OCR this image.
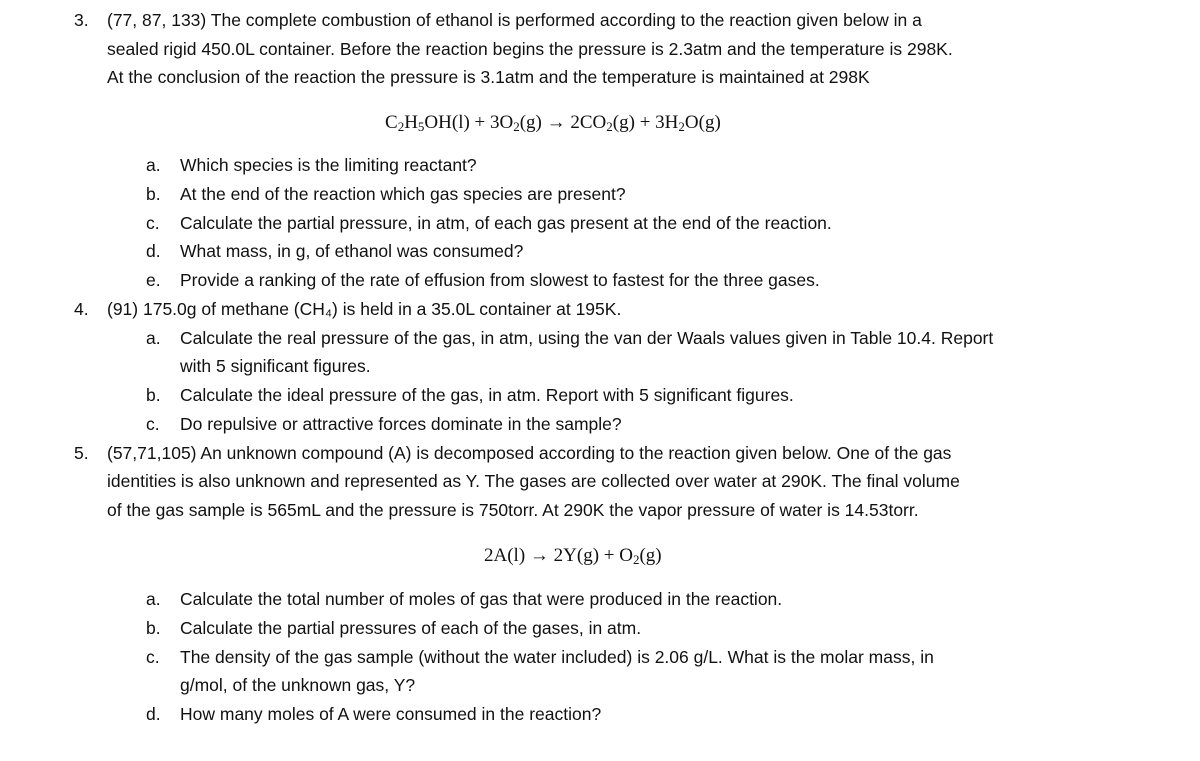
3. (77, 87, 133) The complete combustion of ethanol is performed according to the reaction given below in a
sealed rigid 450.0L container. Before the reaction begins the pressure is 2.3atm and the temperature is 298K.
At the conclusion of the reaction the pressure is 3.1atm and the temperature is maintained at 298K
$C_2H_5OH(l) + 3O_2(g) \to 2CO_2(g) + 3H_2O(g)$
a. Which species is the limiting reactant?
b. At the end of the reaction which gas species are present?
c. Calculate the partial pressure, in atm, of each gas present at the end of the reaction.
d. What mass, in g, of ethanol was consumed?
e. Provide a ranking of the rate of effusion from slowest to fastest for the three gases.
4. (91) 175.0g of methane (CH₄) is held in a 35.0L container at 195K.
a. Calculate the real pressure of the gas, in atm, using the van der Waals values given in Table 10.4. Report
with 5 significant figures.
b. Calculate the ideal pressure of the gas, in atm. Report with 5 significant figures.
c. Do repulsive or attractive forces dominate in the sample?
5. (57,71,105) An unknown compound (A) is decomposed according to the reaction given below. One of the gas
identities is also unknown and represented as Y. The gases are collected over water at 290K. The final volume
of the gas sample is 565mL and the pressure is 750torr. At 290K the vapor pressure of water is 14.53torr.
$2A(l) \to 2Y(g) + O_2(g)$
a. Calculate the total number of moles of gas that were produced in the reaction.
b. Calculate the partial pressures of each of the gases, in atm.
c. The density of the gas sample (without the water included) is 2.06 g/L. What is the molar mass, in
g/mol, of the unknown gas, Y?
d. How many moles of A were consumed in the reaction?
